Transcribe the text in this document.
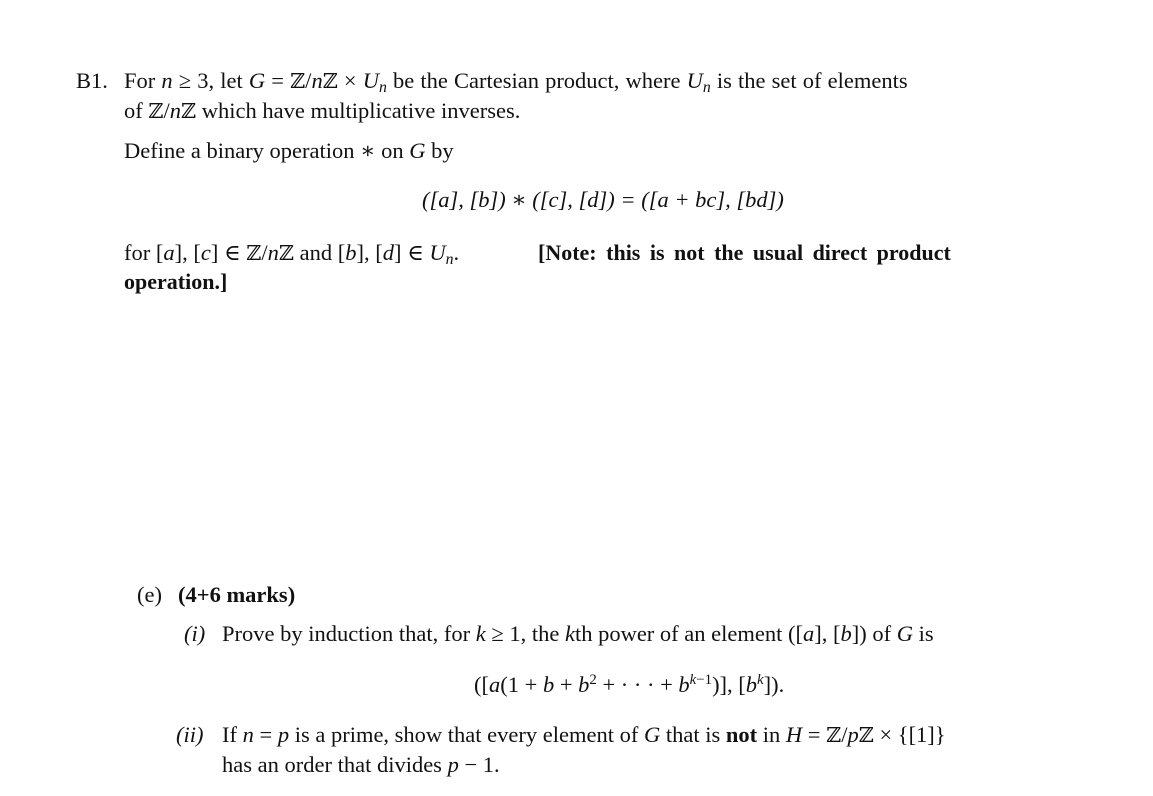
B1. For n ≥ 3, let G = ℤ/nℤ × $U_n$ be the Cartesian product, where $U_n$ is the set of elements
of ℤ/nℤ which have multiplicative inverses.
Define a binary operation ∗ on G by
([a], [b]) ∗ ([c], [d]) = ([a + bc], [bd])
for [a], [c] ∈ ℤ/nℤ and [b], [d] ∈ $U_n$.	[Note: this is not the usual direct product
operation.]
(e) (4+6 marks)
(i) Prove by induction that, for k ≥ 1, the kth power of an element ([a], [b]) of G is
([$a(1 + b + b^2$ + · · · + $b^{k-1}$)], $[b^k]$).
(ii) If n = p is a prime, show that every element of G that is not in H = ℤ/pℤ × {[1]}
has an order that divides p − 1.
